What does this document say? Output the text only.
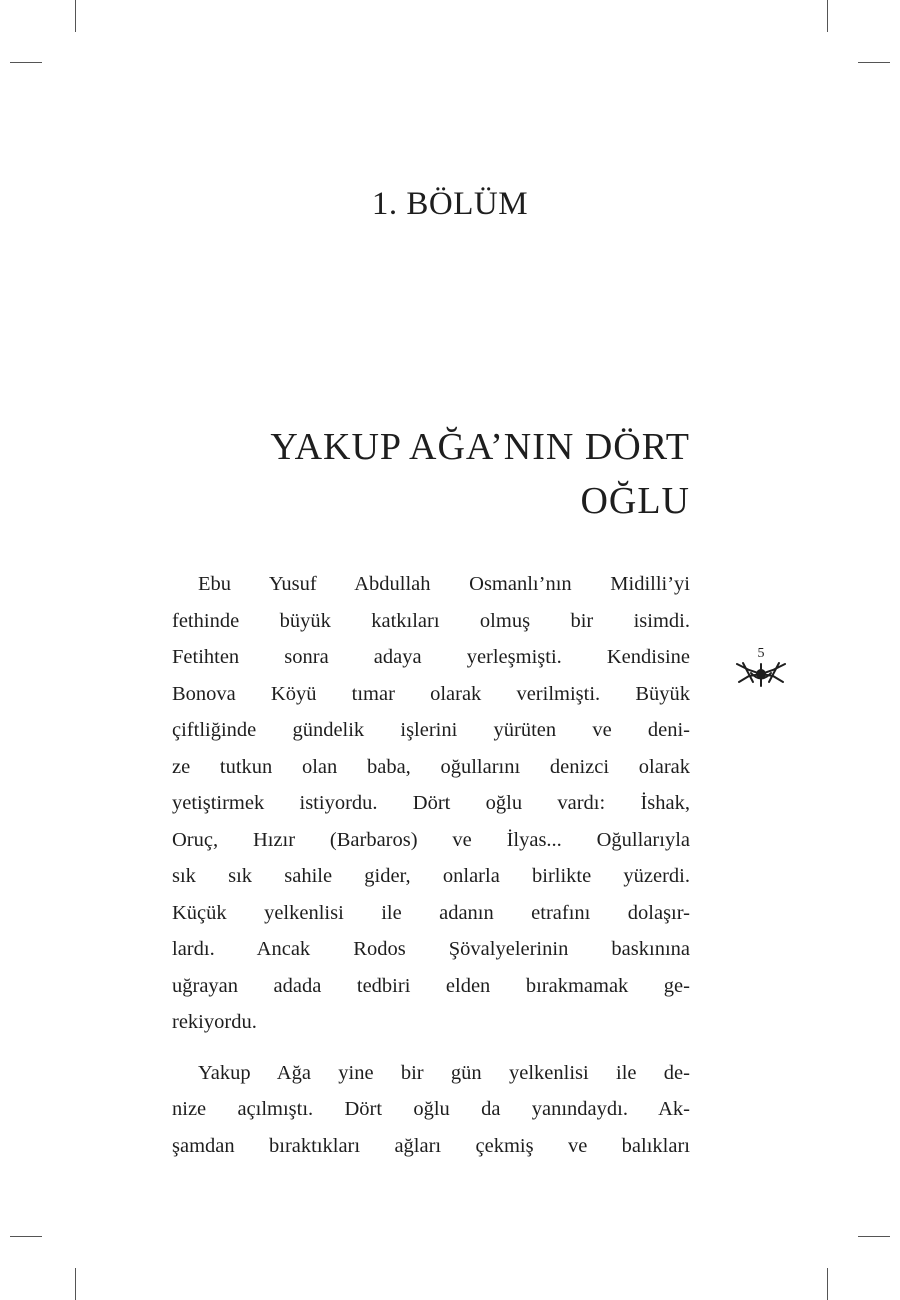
1. BÖLÜM
YAKUP AĞA’NIN DÖRT
OĞLU
Ebu Yusuf Abdullah Osmanlı’nın Midilli’yi
fethinde büyük katkıları olmuş bir isimdi.
Fetihten sonra adaya yerleşmişti. Kendisine
Bonova Köyü tımar olarak verilmişti. Büyük
çiftliğinde gündelik işlerini yürüten ve deni-
ze tutkun olan baba, oğullarını denizci olarak
yetiştirmek istiyordu. Dört oğlu vardı: İshak,
Oruç, Hızır (Barbaros) ve İlyas... Oğullarıyla
sık sık sahile gider, onlarla birlikte yüzerdi.
Küçük yelkenlisi ile adanın etrafını dolaşır-
lardı. Ancak Rodos Şövalyelerinin baskınına
uğrayan adada tedbiri elden bırakmamak ge-
rekiyordu.
Yakup Ağa yine bir gün yelkenlisi ile de-
nize açılmıştı. Dört oğlu da yanındaydı. Ak-
şamdan bıraktıkları ağları çekmiş ve balıkları
5
